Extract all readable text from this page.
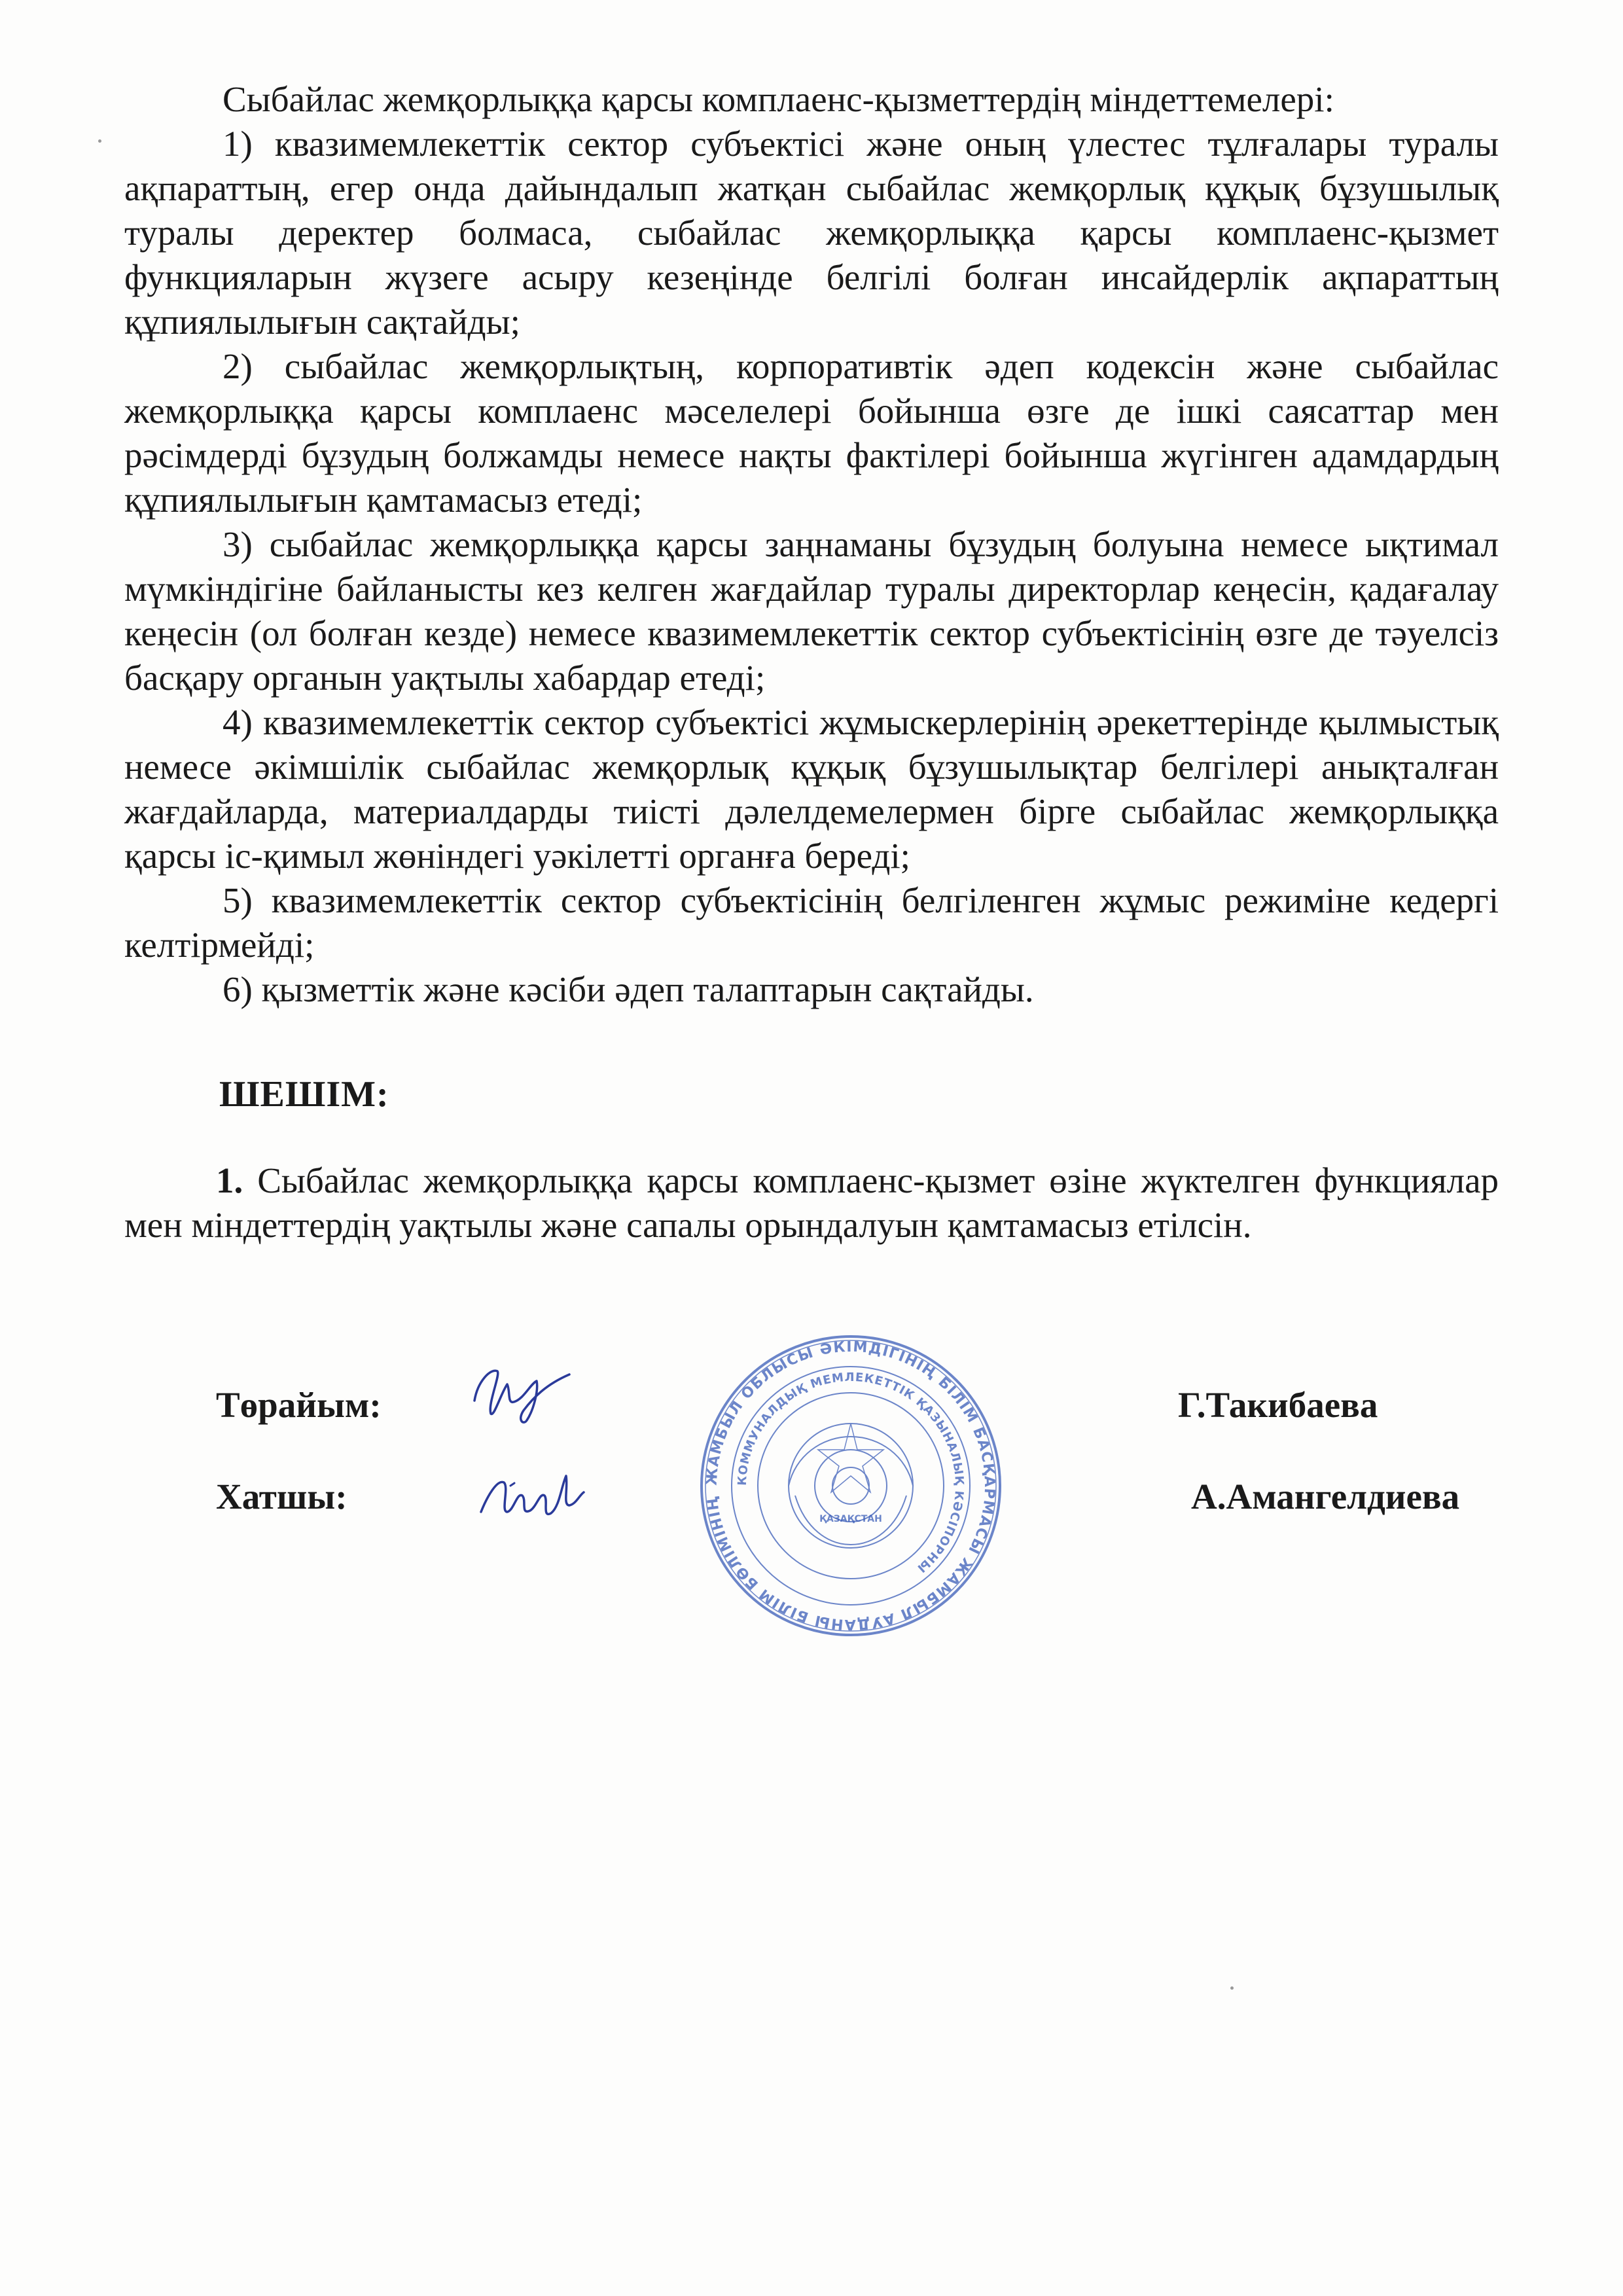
Сыбайлас жемқорлыққа қарсы комплаенс-қызметтердің міндеттемелері:

1) квазимемлекеттік сектор субъектісі және оның үлестес тұлғалары туралы ақпараттың, егер онда дайындалып жатқан сыбайлас жемқорлық құқық бұзушылық туралы деректер болмаса, сыбайлас жемқорлыққа қарсы комплаенс-қызмет функцияларын жүзеге асыру кезеңінде белгілі болған инсайдерлік ақпараттың құпиялылығын сақтайды;

2) сыбайлас жемқорлықтың, корпоративтік әдеп кодексін және сыбайлас жемқорлыққа қарсы комплаенс мәселелері бойынша өзге де ішкі саясаттар мен рәсімдерді бұзудың болжамды немесе нақты фактілері бойынша жүгінген адамдардың құпиялылығын қамтамасыз етеді;

3) сыбайлас жемқорлыққа қарсы заңнаманы бұзудың болуына немесе ықтимал мүмкіндігіне байланысты кез келген жағдайлар туралы директорлар кеңесін, қадағалау кеңесін (ол болған кезде) немесе квазимемлекеттік сектор субъектісінің өзге де тәуелсіз басқару органын уақтылы хабардар етеді;

4) квазимемлекеттік сектор субъектісі жұмыскерлерінің әрекеттерінде қылмыстық немесе әкімшілік сыбайлас жемқорлық құқық бұзушылықтар белгілері анықталған жағдайларда, материалдарды тиісті дәлелдемелермен бірге сыбайлас жемқорлыққа қарсы іс-қимыл жөніндегі уәкілетті органға береді;

5) квазимемлекеттік сектор субъектісінің белгіленген жұмыс режиміне кедергі келтірмейді;

6) қызметтік және кәсіби әдеп талаптарын сақтайды.

ШЕШІМ:

1. Сыбайлас жемқорлыққа қарсы комплаенс-қызмет өзіне жүктелген функциялар мен міндеттердің уақтылы және сапалы орындалуын қамтамасыз етілсін.

Төрайым:	Г.Такибаева
Хатшы:	А.Амангелдиева
ЖАМБЫЛ ОБЛЫСЫ ӘКІМДІГІНІҢ БІЛІМ БАСҚАРМАСЫ ЖАМБЫЛ АУДАНЫ БІЛІМ БӨЛІМІНІҢ
КОММУНАЛДЫҚ МЕМЛЕКЕТТІК ҚАЗЫНАЛЫҚ КӘСІПОРНЫ
ҚАЗАҚСТАН
